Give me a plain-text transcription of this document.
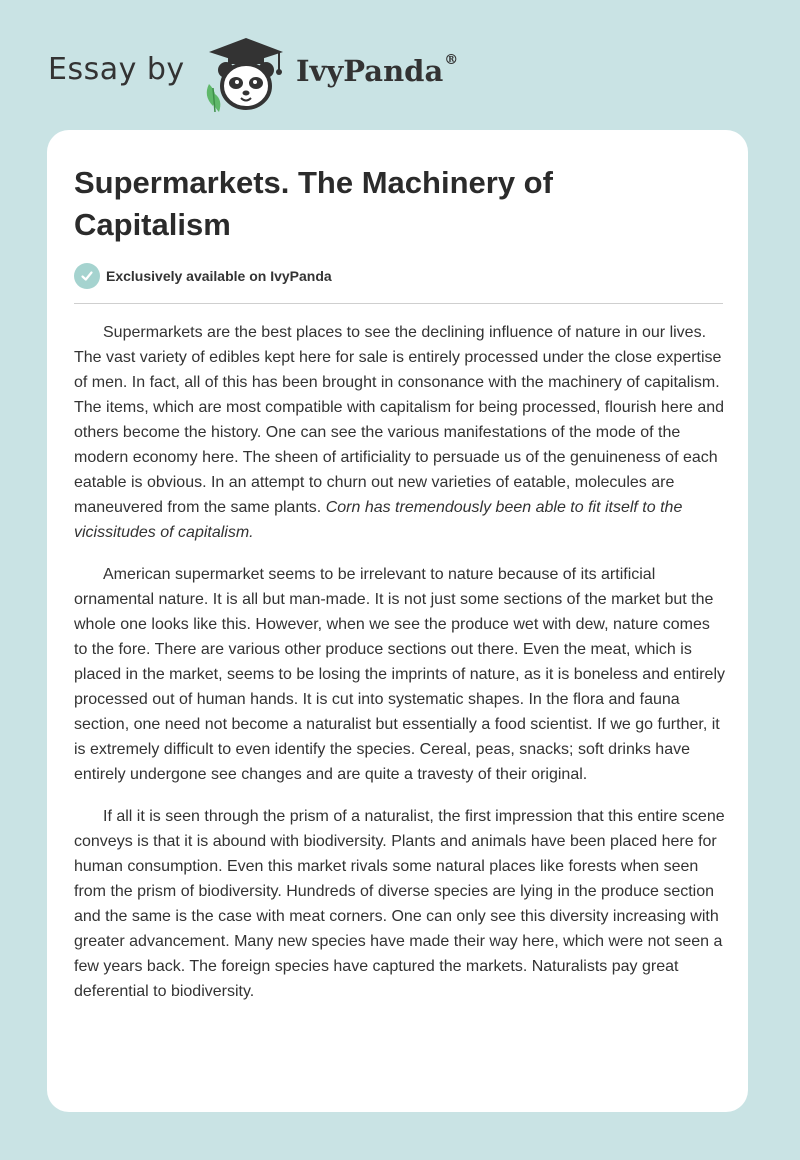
Essay by	IvyPanda®
Supermarkets. The Machinery of Capitalism
Exclusively available on IvyPanda

Supermarkets are the best places to see the declining influence of nature in our lives. The vast variety of edibles kept here for sale is entirely processed under the close expertise of men. In fact, all of this has been brought in consonance with the machinery of capitalism. The items, which are most compatible with capitalism for being processed, flourish here and others become the history. One can see the various manifestations of the mode of the modern economy here. The sheen of artificiality to persuade us of the genuineness of each eatable is obvious. In an attempt to churn out new varieties of eatable, molecules are maneuvered from the same plants. Corn has tremendously been able to fit itself to the vicissitudes of capitalism.

American supermarket seems to be irrelevant to nature because of its artificial ornamental nature. It is all but man-made. It is not just some sections of the market but the whole one looks like this. However, when we see the produce wet with dew, nature comes to the fore. There are various other produce sections out there. Even the meat, which is placed in the market, seems to be losing the imprints of nature, as it is boneless and entirely processed out of human hands. It is cut into systematic shapes. In the flora and fauna section, one need not become a naturalist but essentially a food scientist. If we go further, it is extremely difficult to even identify the species. Cereal, peas, snacks; soft drinks have entirely undergone see changes and are quite a travesty of their original.

If all it is seen through the prism of a naturalist, the first impression that this entire scene conveys is that it is abound with biodiversity. Plants and animals have been placed here for human consumption. Even this market rivals some natural places like forests when seen from the prism of biodiversity. Hundreds of diverse species are lying in the produce section and the same is the case with meat corners. One can only see this diversity increasing with greater advancement. Many new species have made their way here, which were not seen a few years back. The foreign species have captured the markets. Naturalists pay great deferential to biodiversity.
